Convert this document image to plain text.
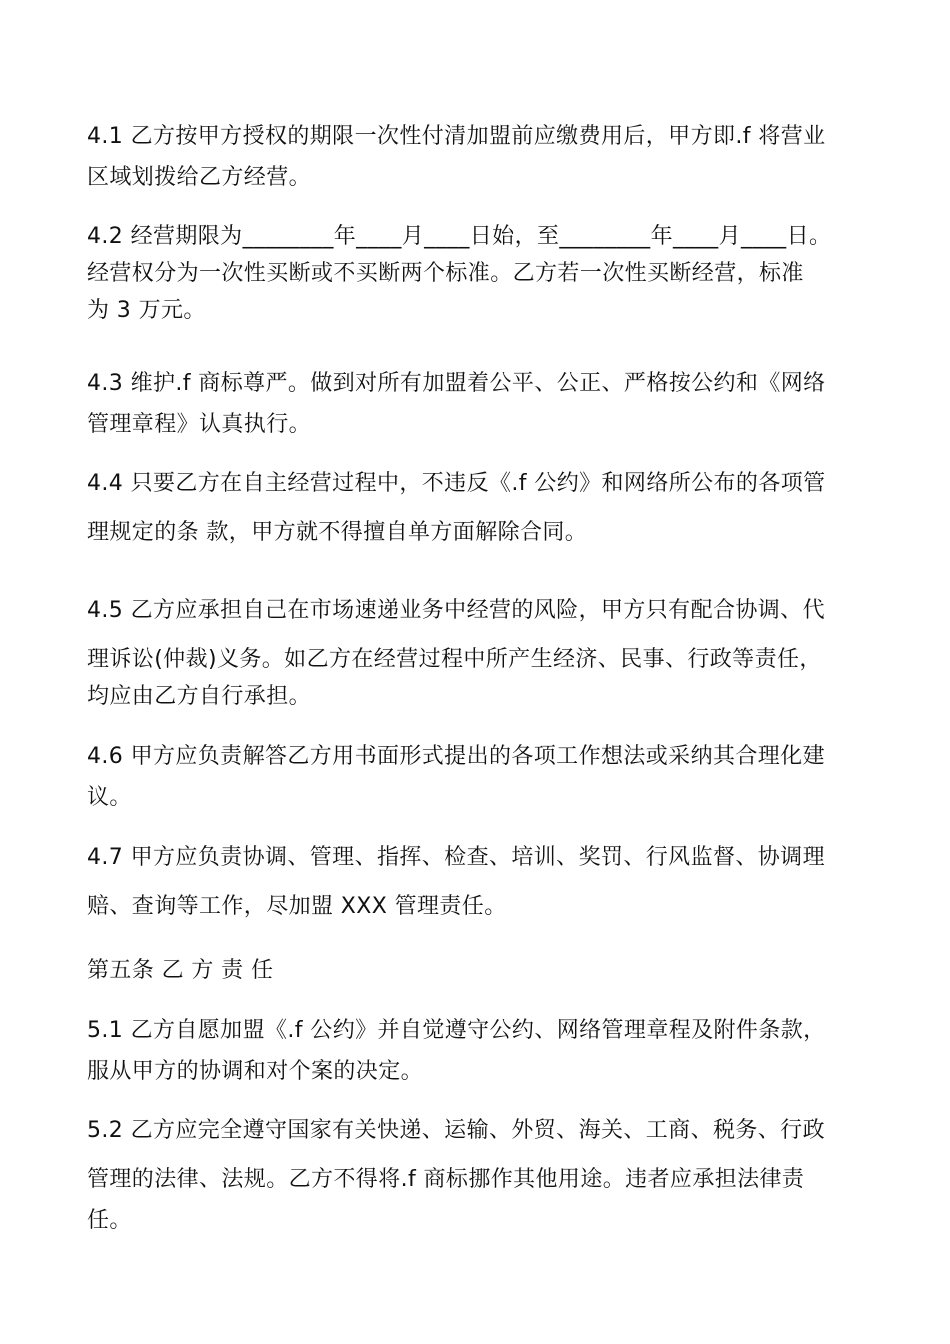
4.1 乙方按甲方授权的期限一次性付清加盟前应缴费用后，甲方即.f 将营业
区域划拨给乙方经营。
4.2 经营期限为________年____月____日始，至________年____月____日。
经营权分为一次性买断或不买断两个标准。乙方若一次性买断经营，标准
为 3 万元。
4.3 维护.f 商标尊严。做到对所有加盟着公平、公正、严格按公约和《网络
管理章程》认真执行。
4.4 只要乙方在自主经营过程中，不违反《.f 公约》和网络所公布的各项管
理规定的条 款，甲方就不得擅自单方面解除合同。
4.5 乙方应承担自己在市场速递业务中经营的风险，甲方只有配合协调、代
理诉讼(仲裁)义务。如乙方在经营过程中所产生经济、民事、行政等责任，
均应由乙方自行承担。
4.6 甲方应负责解答乙方用书面形式提出的各项工作想法或采纳其合理化建
议。
4.7 甲方应负责协调、管理、指挥、检查、培训、奖罚、行风监督、协调理
赔、查询等工作，尽加盟 XXX 管理责任。
第五条 乙 方 责 任
5.1 乙方自愿加盟《.f 公约》并自觉遵守公约、网络管理章程及附件条款，
服从甲方的协调和对个案的决定。
5.2 乙方应完全遵守国家有关快递、运输、外贸、海关、工商、税务、行政
管理的法律、法规。乙方不得将.f 商标挪作其他用途。违者应承担法律责
任。
